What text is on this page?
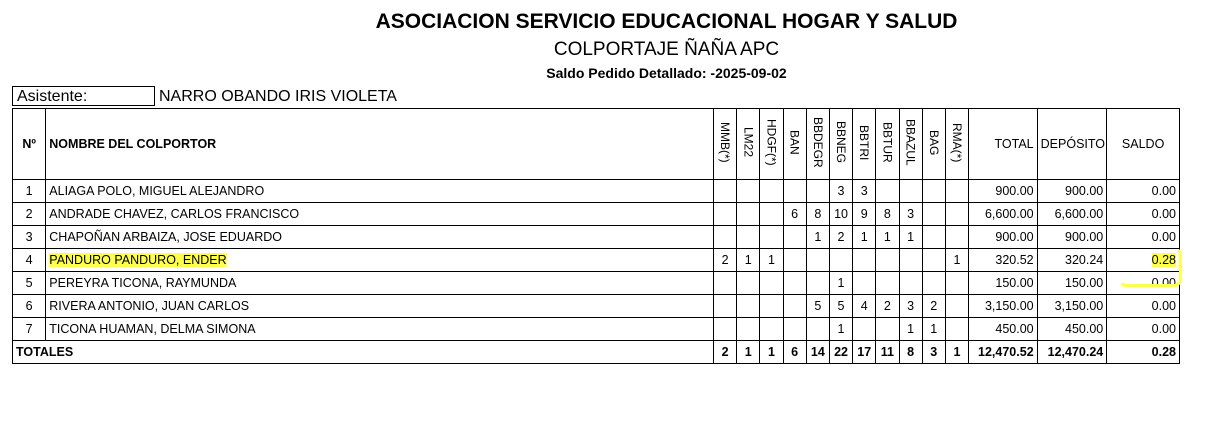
ASOCIACION SERVICIO EDUCACIONAL HOGAR Y SALUD
COLPORTAJE ÑAÑA APC
Saldo Pedido Detallado: -2025-09-02
Asistente:	NARRO OBANDO IRIS VIOLETA
Nº	NOMBRE DEL COLPORTOR	MMB(*)	LM22	HDGF(*)	BAN	BBDEGR	BBNEG	BBTRI	BBTUR	BBAZUL	BAG	RMA(*)	TOTAL	DEPÓSITO	SALDO
1	ALIAGA POLO, MIGUEL ALEJANDRO						3	3					900.00	900.00	0.00
2	ANDRADE CHAVEZ, CARLOS FRANCISCO				6	8	10	9	8	3			6,600.00	6,600.00	0.00
3	CHAPOÑAN ARBAIZA, JOSE EDUARDO					1	2	1	1	1			900.00	900.00	0.00
4	PANDURO PANDURO, ENDER	2	1	1								1	320.52	320.24	0.28
5	PEREYRA TICONA, RAYMUNDA						1						150.00	150.00	0.00
6	RIVERA ANTONIO, JUAN CARLOS					5	5	4	2	3	2		3,150.00	3,150.00	0.00
7	TICONA HUAMAN, DELMA SIMONA						1			1	1		450.00	450.00	0.00
TOTALES		2	1	1	6	14	22	17	11	8	3	1	12,470.52	12,470.24	0.28
